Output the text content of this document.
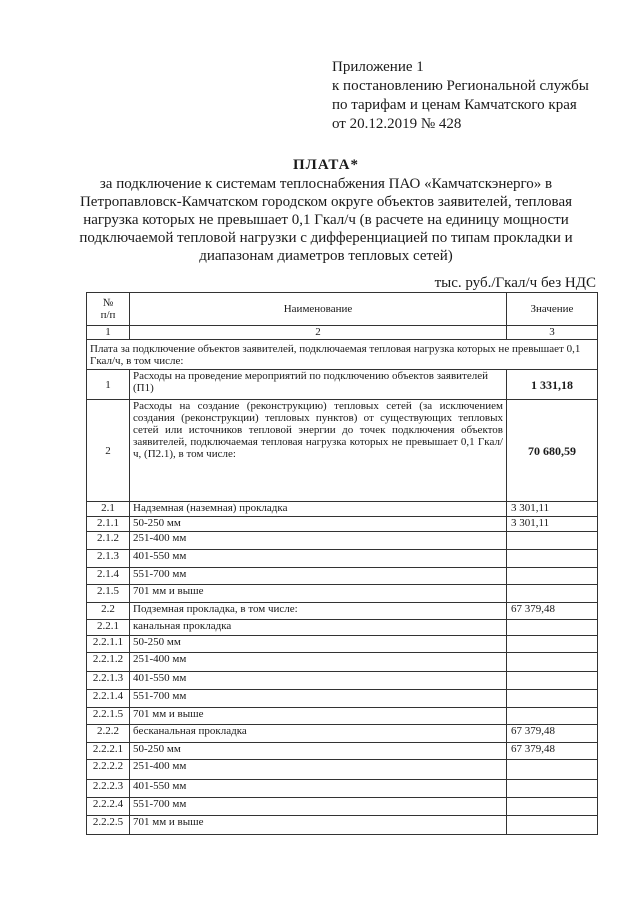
Приложение 1
к постановлению Региональной службы
по тарифам и ценам Камчатского края
от 20.12.2019 № 428
ПЛАТА*
за подключение к системам теплоснабжения ПАО «Камчатскэнерго» в
Петропавловск-Камчатском городском округе объектов заявителей, тепловая
нагрузка которых не превышает 0,1 Гкал/ч (в расчете на единицу мощности
подключаемой тепловой нагрузки с дифференциацией по типам прокладки и
диапазонам диаметров тепловых сетей)
тыс. руб./Гкал/ч без НДС
№
п/п	Наименование	Значение
1	2	3
Плата за подключение объектов заявителей, подключаемая тепловая нагрузка которых не превышает 0,1 Гкал/ч, в том числе:		
1	Расходы на проведение мероприятий по подключению объектов заявителей (П1)	1 331,18
2	Расходы на создание (реконструкцию) тепловых сетей (за исключением создания (реконструкции) тепловых пунктов) от существующих тепловых сетей или источников тепловой энергии до точек подключения объектов заявителей, подключаемая тепловая нагрузка которых не превышает 0,1 Гкал/ч, (П2.1), в том числе:	70 680,59
2.1	Надземная (наземная) прокладка	3 301,11
2.1.1	50-250 мм	3 301,11
2.1.2	251-400 мм	
2.1.3	401-550 мм	
2.1.4	551-700 мм	
2.1.5	701 мм и выше	
2.2	Подземная прокладка, в том числе:	67 379,48
2.2.1	канальная прокладка	
2.2.1.1	50-250 мм	
2.2.1.2	251-400 мм	
2.2.1.3	401-550 мм	
2.2.1.4	551-700 мм	
2.2.1.5	701 мм и выше	
2.2.2	бесканальная прокладка	67 379,48
2.2.2.1	50-250 мм	67 379,48
2.2.2.2	251-400 мм	
2.2.2.3	401-550 мм	
2.2.2.4	551-700 мм	
2.2.2.5	701 мм и выше	
